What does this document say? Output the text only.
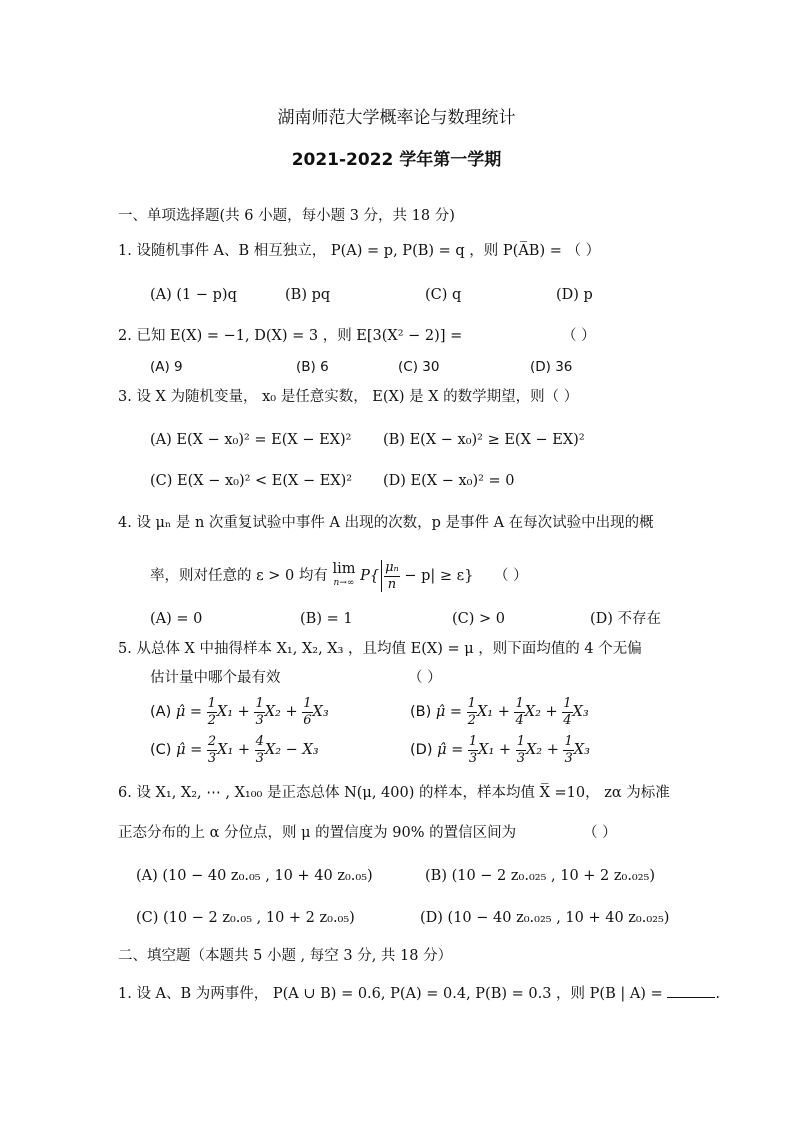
湖南师范大学概率论与数理统计
2021-2022 学年第一学期
一、单项选择题(共 6 小题，每小题 3 分，共 18 分)
1. 设随机事件 A、B 相互独立， P(A) = p, P(B) = q ，则 P(A̅B) = （ ）
(A) (1 − p)q	(B) pq	(C) q	(D) p
2. 已知 E(X) = −1, D(X) = 3 ，则 E[3(X² − 2)] =	（ ）
(A) 9	(B) 6	(C) 30	(D) 36
3. 设 X 为随机变量， x₀ 是任意实数， E(X) 是 X 的数学期望，则（ ）
(A) E(X − x₀)² = E(X − EX)² (B) E(X − x₀)² ≥ E(X − EX)²
(C) E(X − x₀)² < E(X − EX)² (D) E(X − x₀)² = 0
4. 设 μₙ 是 n 次重复试验中事件 A 出现的次数，p 是事件 A 在每次试验中出现的概
率，则对任意的 ε > 0 均有 lim
n→∞ $P\{ \frac{\text{μₙ}}{n} - p| \ge \varepsilon\}$ （ ）
(A) = 0	(B) = 1	(C) > 0	(D) 不存在
5. 从总体 X 中抽得样本 X₁, X₂, X₃ ，且均值 E(X) = μ ，则下面均值的 4 个无偏
估计量中哪个最有效	（ ）
(A) μ̂ = $\frac{1}{2} X_1 + \frac{1}{3} X_2 + \frac{1}{6} X_3$	(B) μ̂ = $\frac{1}{2} X_1 + \frac{1}{4} X_2 + \frac{1}{4} X_3$
(C) μ̂ = $\frac{2}{3} X_1 + \frac{4}{3} X_2 - X_3$	(D) μ̂ = $\frac{1}{3} X_1 + \frac{1}{3} X_2 + \frac{1}{3} X_3$
6. 设 X₁, X₂, ⋯ , X₁₀₀ 是正态总体 N(μ, 400) 的样本，样本均值 X̅ =10， zα 为标准
正态分布的上 α 分位点，则 μ 的置信度为 90% 的置信区间为	（ ）
(A) (10 − 40 z₀.₀₅ , 10 + 40 z₀.₀₅)	(B) (10 − 2 z₀.₀₂₅ , 10 + 2 z₀.₀₂₅)
(C) (10 − 2 z₀.₀₅ , 10 + 2 z₀.₀₅)	(D) (10 − 40 z₀.₀₂₅ , 10 + 40 z₀.₀₂₅)
二、填空题（本题共 5 小题 , 每空 3 分, 共 18 分）
1. 设 A、B 为两事件， P(A ∪ B) = 0.6, P(A) = 0.4, P(B) = 0.3 ，则 P(B | A) =	.
